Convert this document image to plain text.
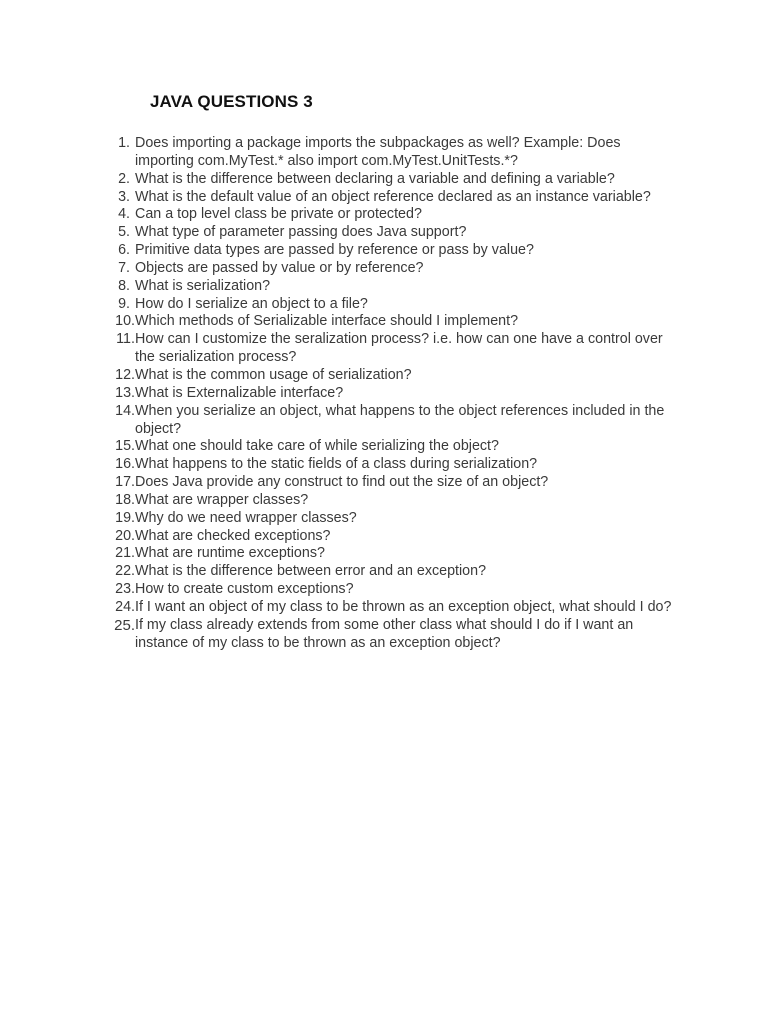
JAVA QUESTIONS 3
1. Does importing a package imports the subpackages as well? Example: Does importing com.MyTest.* also import com.MyTest.UnitTests.*?
2. What is the difference between declaring a variable and defining a variable?
3. What is the default value of an object reference declared as an instance variable?
4. Can a top level class be private or protected?
5. What type of parameter passing does Java support?
6. Primitive data types are passed by reference or pass by value?
7. Objects are passed by value or by reference?
8. What is serialization?
9. How do I serialize an object to a file?
10. Which methods of Serializable interface should I implement?
11. How can I customize the seralization process? i.e. how can one have a control over the serialization process?
12. What is the common usage of serialization?
13. What is Externalizable interface?
14. When you serialize an object, what happens to the object references included in the object?
15. What one should take care of while serializing the object?
16. What happens to the static fields of a class during serialization?
17. Does Java provide any construct to find out the size of an object?
18. What are wrapper classes?
19. Why do we need wrapper classes?
20. What are checked exceptions?
21. What are runtime exceptions?
22. What is the difference between error and an exception?
23. How to create custom exceptions?
24. If I want an object of my class to be thrown as an exception object, what should I do?
25. If my class already extends from some other class what should I do if I want an instance of my class to be thrown as an exception object?
